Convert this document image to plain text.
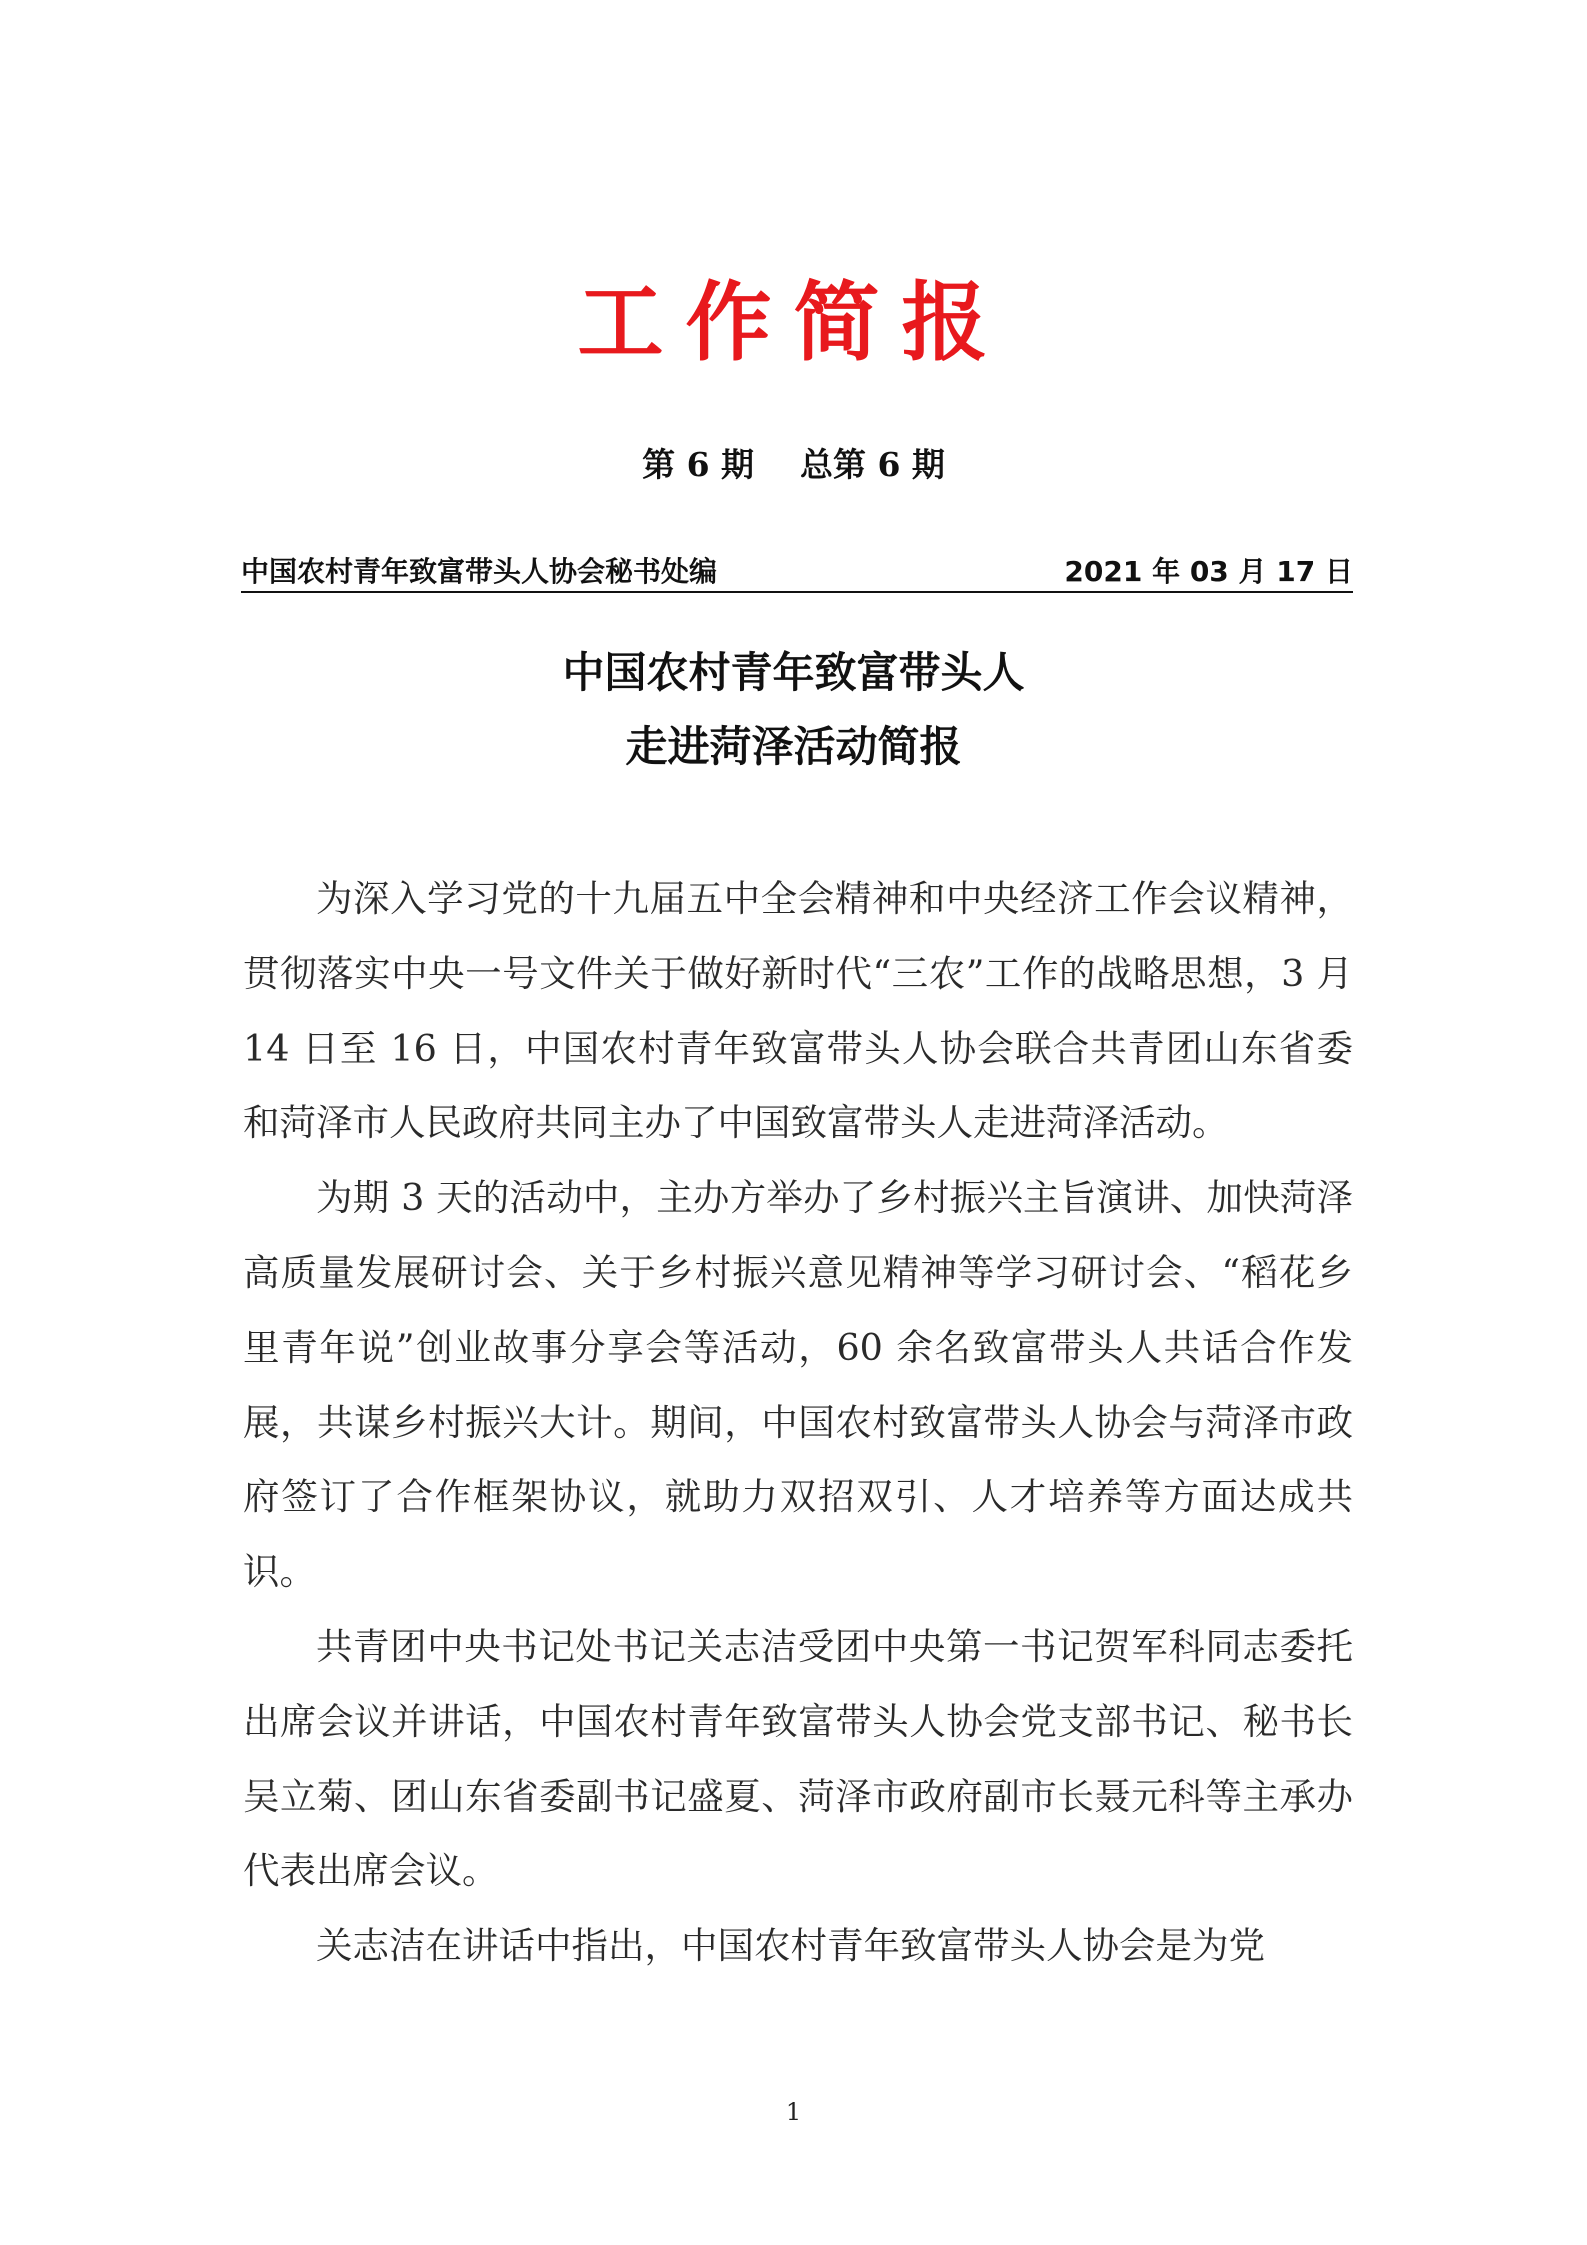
工作简报
第 6 期    总第 6 期
中国农村青年致富带头人协会秘书处编	2021 年 03 月 17 日
中国农村青年致富带头人
走进菏泽活动简报

为深入学习党的十九届五中全会精神和中央经济工作会议精神，贯彻落实中央一号文件关于做好新时代“三农”工作的战略思想，3 月 14 日至 16 日，中国农村青年致富带头人协会联合共青团山东省委和菏泽市人民政府共同主办了中国致富带头人走进菏泽活动。

为期 3 天的活动中，主办方举办了乡村振兴主旨演讲、加快菏泽高质量发展研讨会、关于乡村振兴意见精神等学习研讨会、“稻花乡里青年说”创业故事分享会等活动，60 余名致富带头人共话合作发展，共谋乡村振兴大计。期间，中国农村致富带头人协会与菏泽市政府签订了合作框架协议，就助力双招双引、人才培养等方面达成共识。

共青团中央书记处书记关志洁受团中央第一书记贺军科同志委托出席会议并讲话，中国农村青年致富带头人协会党支部书记、秘书长吴立菊、团山东省委副书记盛夏、菏泽市政府副市长聂元科等主承办代表出席会议。

关志洁在讲话中指出，中国农村青年致富带头人协会是为党

1
